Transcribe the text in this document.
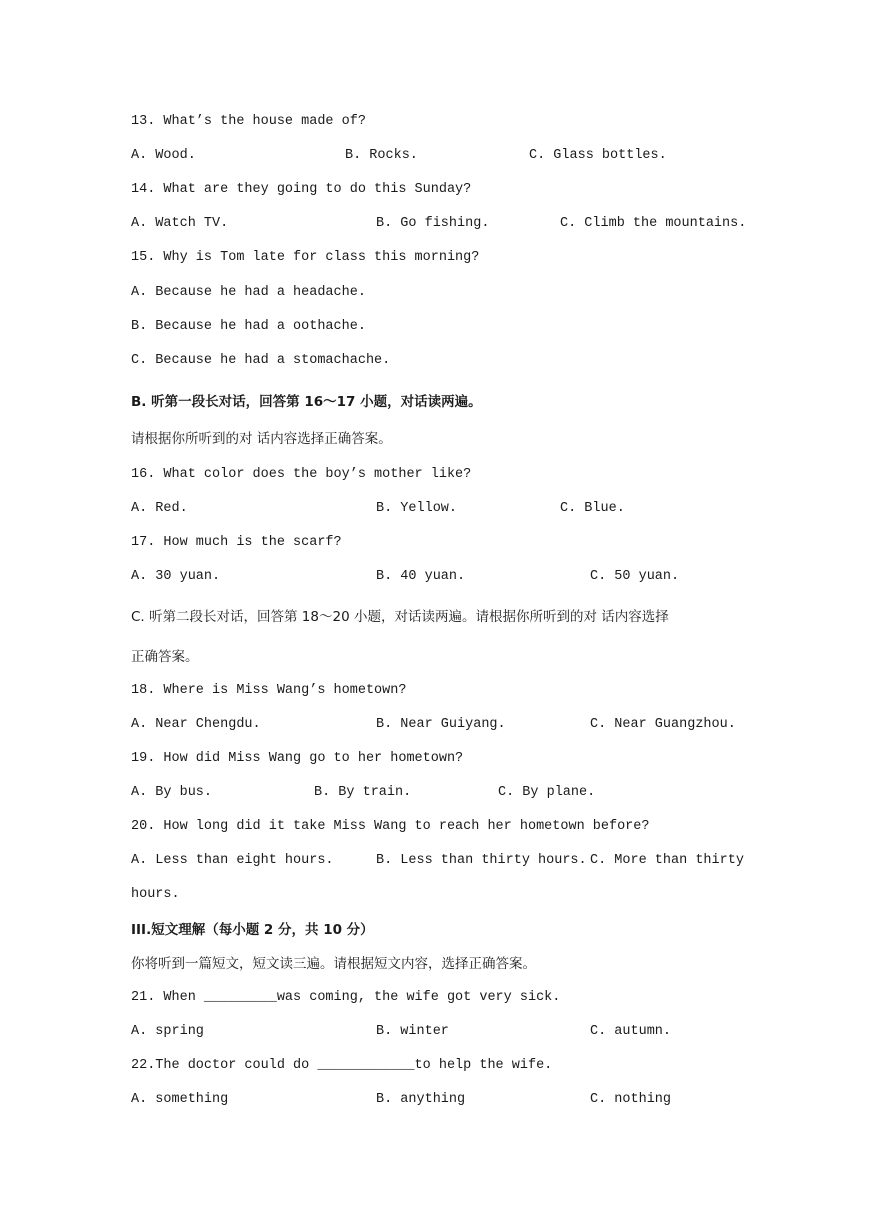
13. What’s the house made of?
A. Wood.	B. Rocks.	C. Glass bottles.
14. What are they going to do this Sunday?
A. Watch TV.	B. Go fishing.	C. Climb the mountains.
15. Why is Tom late for class this morning?
A. Because he had a headache.
B. Because he had a oothache.
C. Because he had a stomachache.
B. 听第一段长对话，回答第 16～17 小题，对话读两遍。
请根据你所听到的对 话内容选择正确答案。
16. What color does the boy’s mother like?
A. Red.	B. Yellow.	C. Blue.
17. How much is the scarf?
A. 30 yuan.	B. 40 yuan.	C. 50 yuan.
C. 听第二段长对话，回答第 18～20 小题，对话读两遍。请根据你所听到的对 话内容选择
正确答案。
18. Where is Miss Wang’s hometown?
A. Near Chengdu.	B. Near Guiyang.	C. Near Guangzhou.
19. How did Miss Wang go to her hometown?
A. By bus.	B. By train.	C. By plane.
20. How long did it take Miss Wang to reach her hometown before?
A. Less than eight hours.	B. Less than thirty hours. C. More than thirty
hours.
III.短文理解（每小题 2 分，共 10 分）
你将听到一篇短文，短文读三遍。请根据短文内容，选择正确答案。
21. When _________was coming, the wife got very sick.
A. spring	B. winter	C. autumn.
22.The doctor could do ____________to help the wife.
A. something	B. anything	C. nothing
